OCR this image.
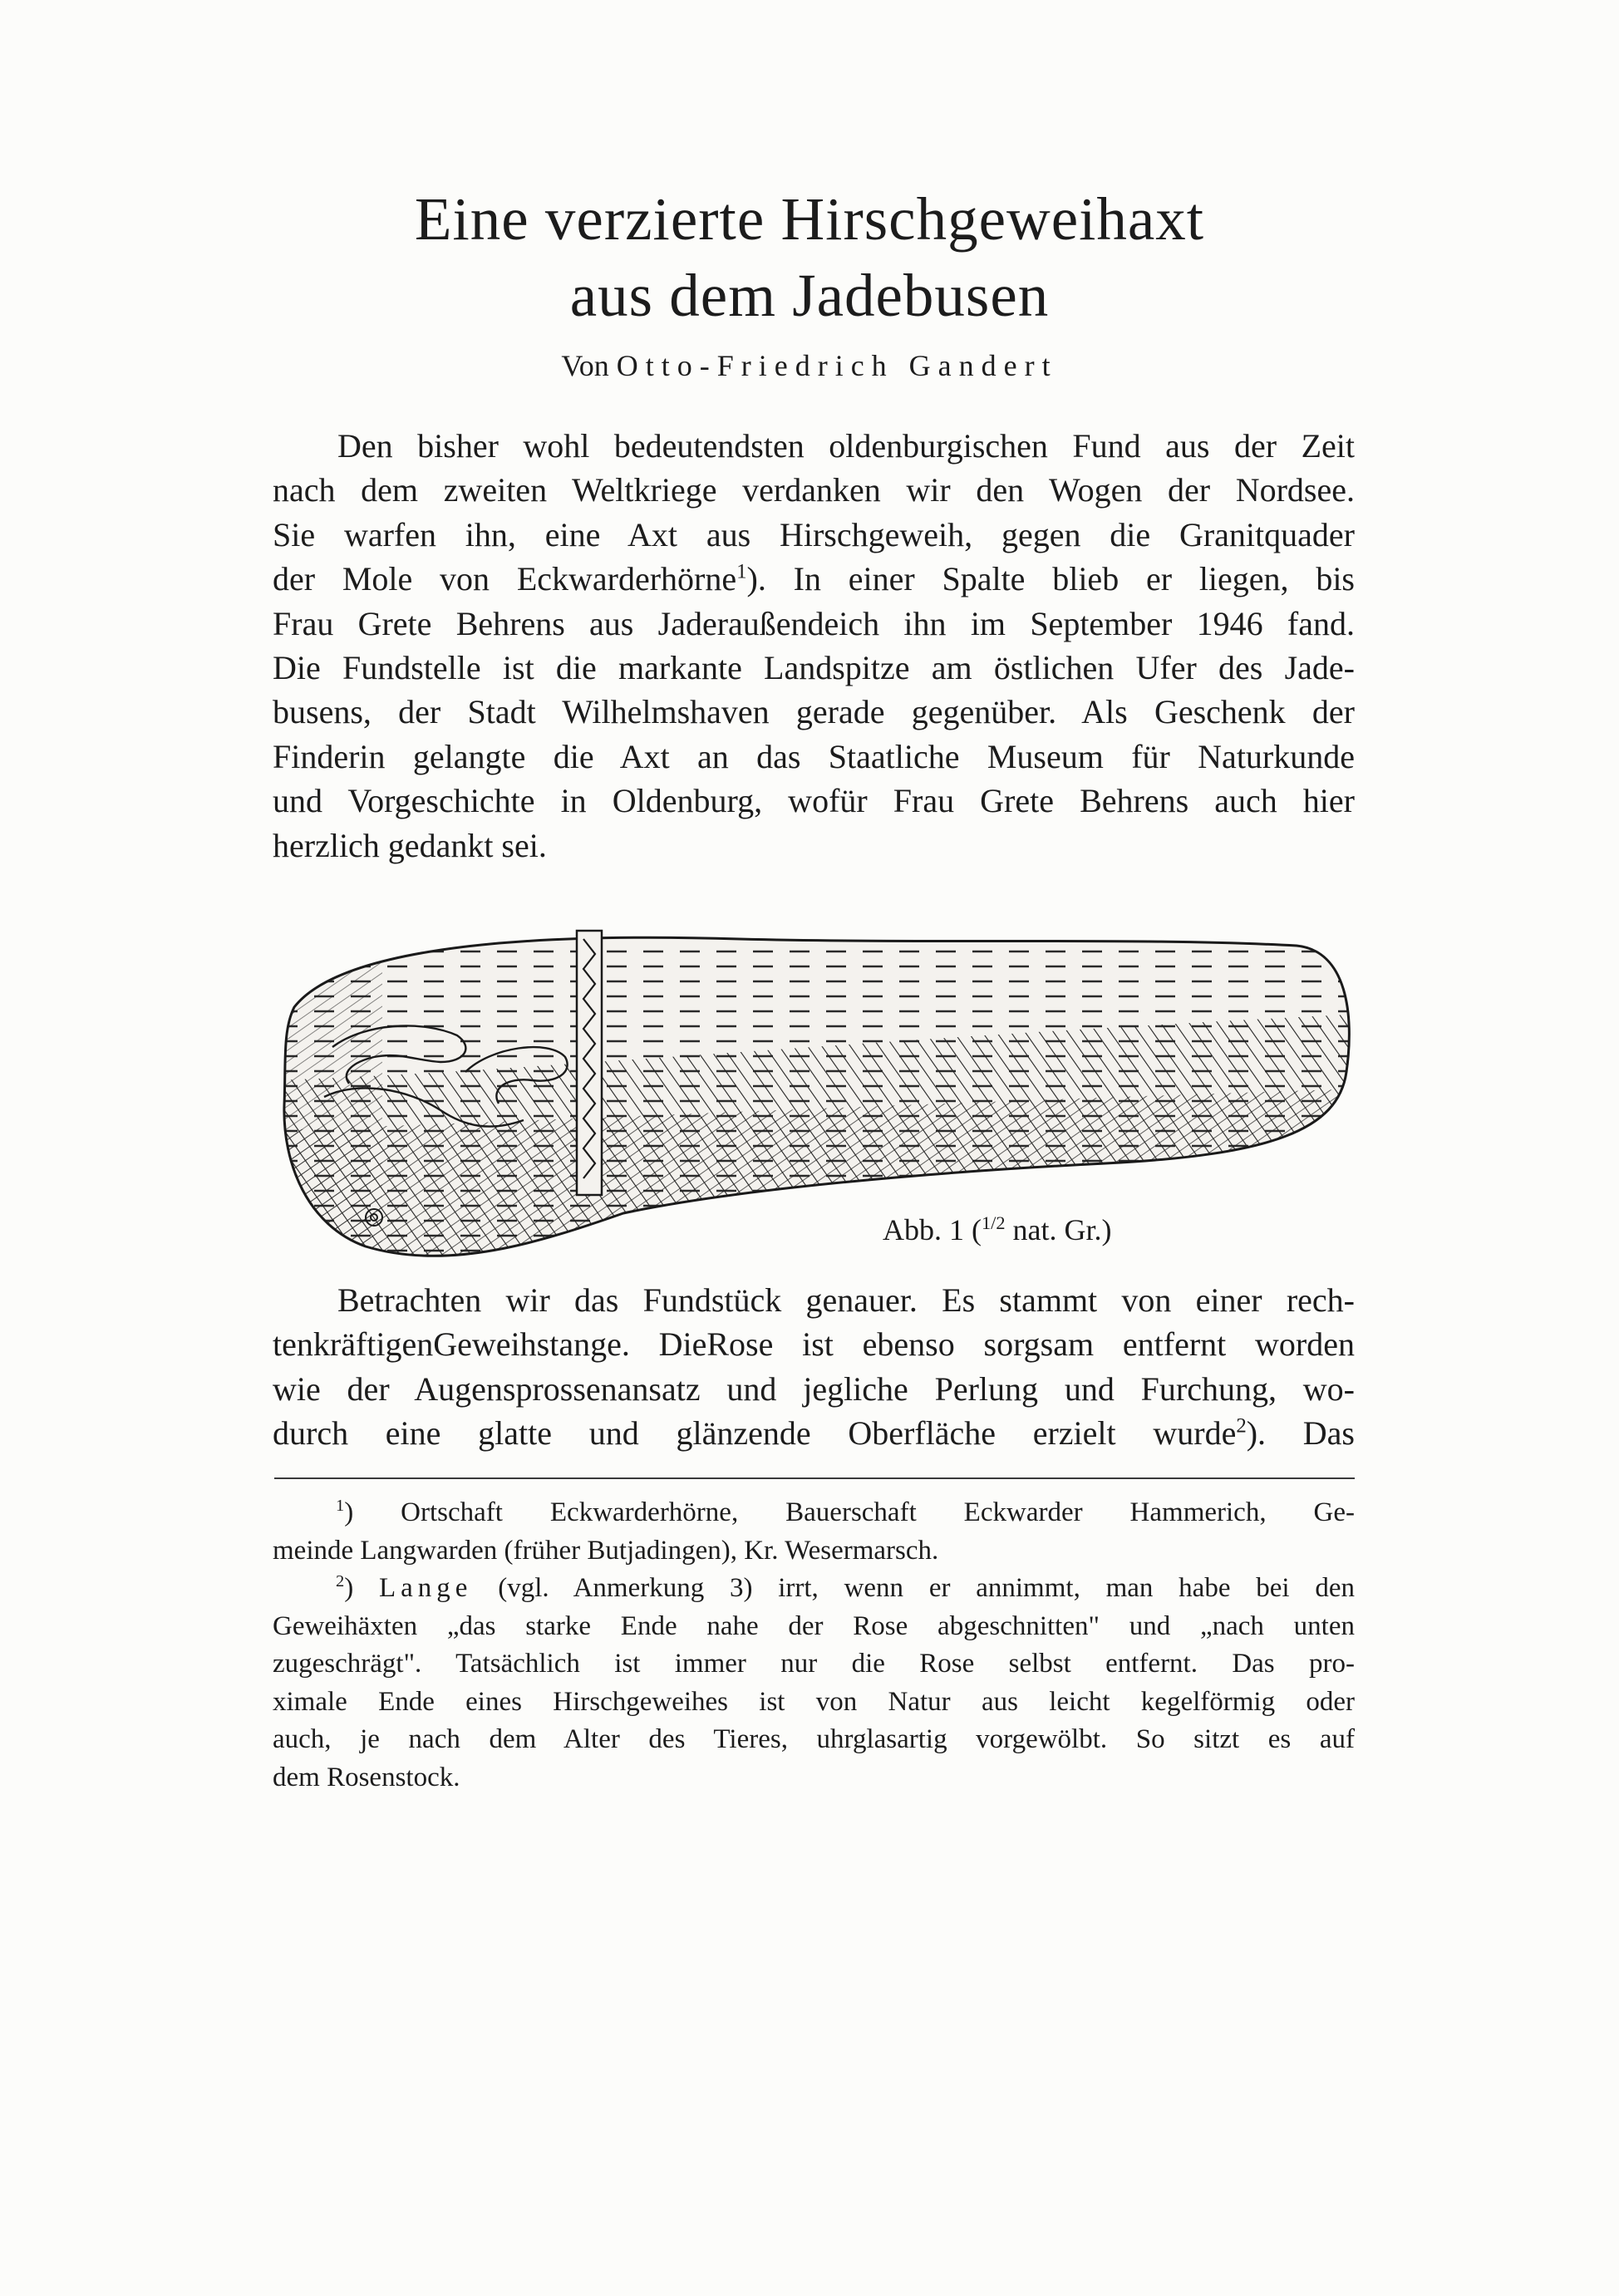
Eine verzierte Hirschgeweihaxt
aus dem Jadebusen
Von Otto-Friedrich Gandert
Den bisher wohl bedeutendsten oldenburgischen Fund aus der Zeit
nach dem zweiten Weltkriege verdanken wir den Wogen der Nordsee.
Sie warfen ihn, eine Axt aus Hirschgeweih, gegen die Granitquader
der Mole von Eckwarderhörne$^1$). In einer Spalte blieb er liegen, bis
Frau Grete Behrens aus Jaderaußendeich ihn im September 1946 fand.
Die Fundstelle ist die markante Landspitze am östlichen Ufer des Jade-
busens, der Stadt Wilhelmshaven gerade gegenüber. Als Geschenk der
Finderin gelangte die Axt an das Staatliche Museum für Naturkunde
und Vorgeschichte in Oldenburg, wofür Frau Grete Behrens auch hier
herzlich gedankt sei.
Abb. 1 ($^{1/2}$ nat. Gr.)
Betrachten wir das Fundstück genauer. Es stammt von einer rech-
tenkräftigenGeweihstange. DieRose ist ebenso sorgsam entfernt worden
wie der Augensprossenansatz und jegliche Perlung und Furchung, wo-
durch eine glatte und glänzende Oberfläche erzielt wurde$^2$). Das
$^1$) Ortschaft Eckwarderhörne, Bauerschaft Eckwarder Hammerich, Ge-
meinde Langwarden (früher Butjadingen), Kr. Wesermarsch.
$^2$) Lange (vgl. Anmerkung 3) irrt, wenn er annimmt, man habe bei den
Geweihäxten „das starke Ende nahe der Rose abgeschnitten" und „nach unten
zugeschrägt". Tatsächlich ist immer nur die Rose selbst entfernt. Das pro-
ximale Ende eines Hirschgeweihes ist von Natur aus leicht kegelförmig oder
auch, je nach dem Alter des Tieres, uhrglasartig vorgewölbt. So sitzt es auf
dem Rosenstock.
